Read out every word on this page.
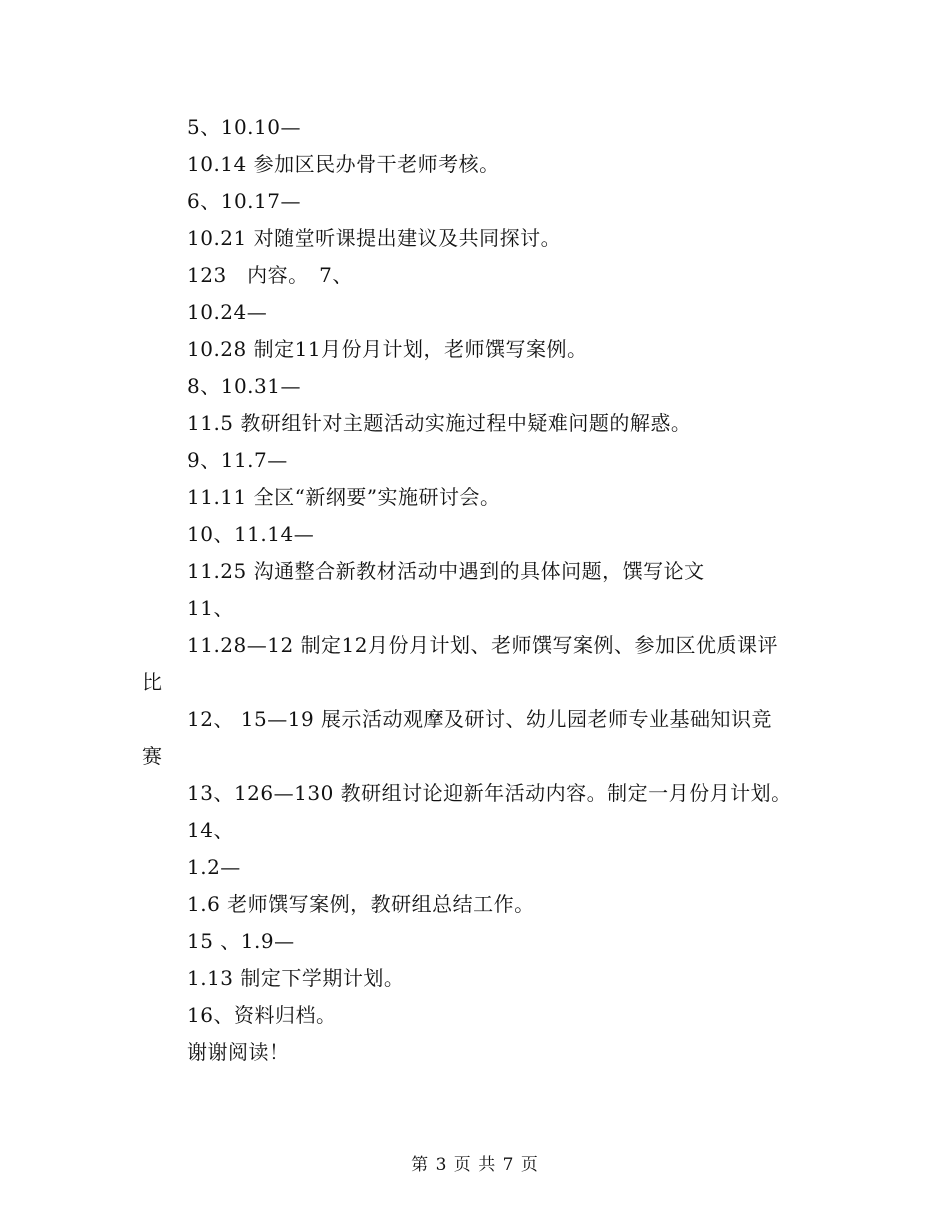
5、10.10—
10.14 参加区民办骨干老师考核。
6、10.17—
10.21 对随堂听课提出建议及共同探讨。
123　内容。　7、
10.24—
10.28 制定11月份月计划，老师馔写案例。
8、10.31—
11.5 教研组针对主题活动实施过程中疑难问题的解惑。
9、11.7—
11.11 全区“新纲要”实施研讨会。
10、11.14—
11.25 沟通整合新教材活动中遇到的具体问题，馔写论文
11、
11.28—12 制定12月份月计划、老师馔写案例、参加区优质课评
比
12、 15—19 展示活动观摩及研讨、幼儿园老师专业基础知识竞
赛
13、126—130 教研组讨论迎新年活动内容。制定一月份月计划。
14、
1.2—
1.6 老师馔写案例，教研组总结工作。
15 、1.9—
1.13 制定下学期计划。
16、资料归档。
谢谢阅读！
第 3 页 共 7 页
